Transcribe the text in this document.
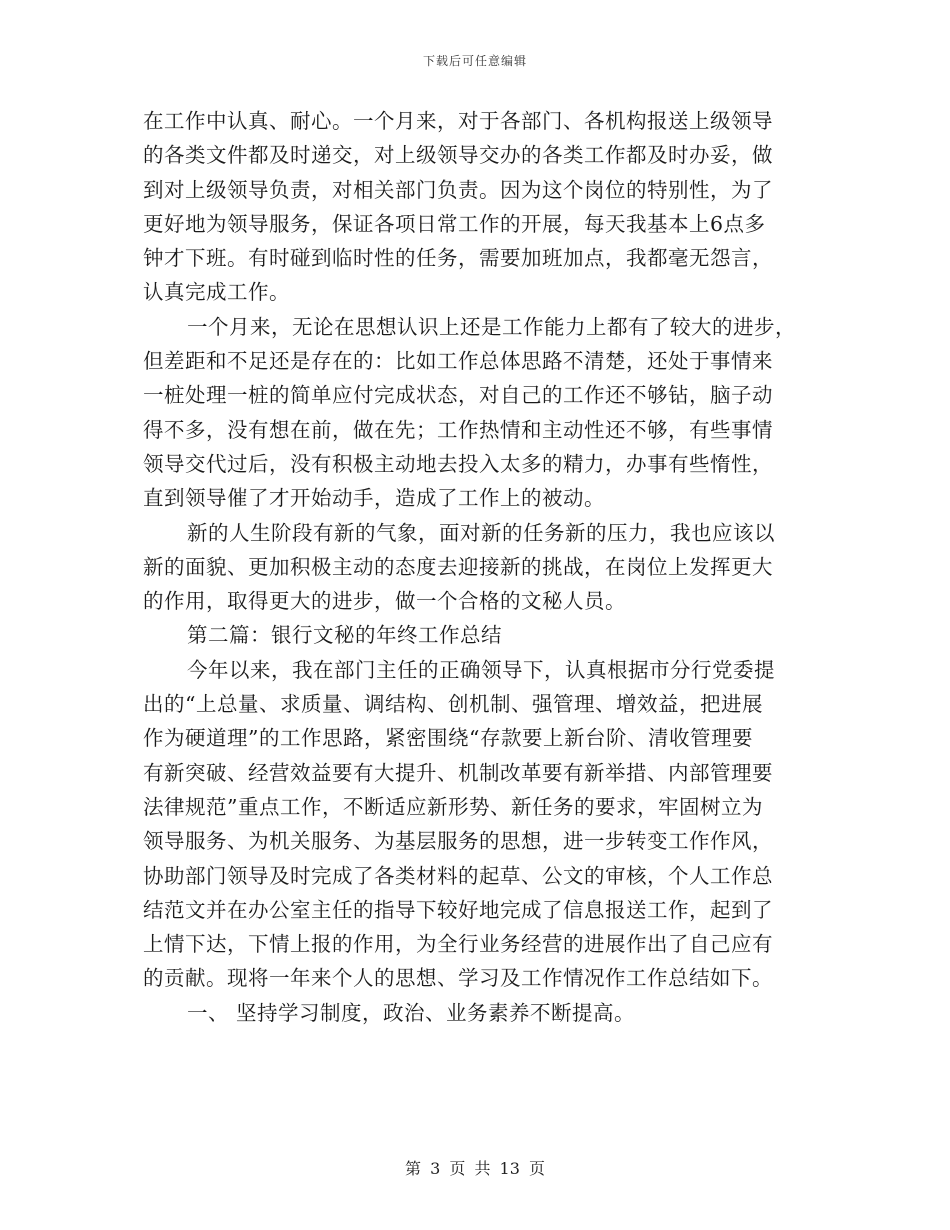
下载后可任意编辑
在工作中认真、耐心。一个月来，对于各部门、各机构报送上级领导
的各类文件都及时递交，对上级领导交办的各类工作都及时办妥，做
到对上级领导负责，对相关部门负责。因为这个岗位的特别性，为了
更好地为领导服务，保证各项日常工作的开展，每天我基本上6点多
钟才下班。有时碰到临时性的任务，需要加班加点，我都毫无怨言，
认真完成工作。
一个月来，无论在思想认识上还是工作能力上都有了较大的进步，
但差距和不足还是存在的：比如工作总体思路不清楚，还处于事情来
一桩处理一桩的简单应付完成状态，对自己的工作还不够钻，脑子动
得不多，没有想在前，做在先；工作热情和主动性还不够，有些事情
领导交代过后，没有积极主动地去投入太多的精力，办事有些惰性，
直到领导催了才开始动手，造成了工作上的被动。
新的人生阶段有新的气象，面对新的任务新的压力，我也应该以
新的面貌、更加积极主动的态度去迎接新的挑战，在岗位上发挥更大
的作用，取得更大的进步，做一个合格的文秘人员。
第二篇：银行文秘的年终工作总结
今年以来，我在部门主任的正确领导下，认真根据市分行党委提
出的“上总量、求质量、调结构、创机制、强管理、增效益，把进展
作为硬道理”的工作思路，紧密围绕“存款要上新台阶、清收管理要
有新突破、经营效益要有大提升、机制改革要有新举措、内部管理要
法律规范”重点工作，不断适应新形势、新任务的要求，牢固树立为
领导服务、为机关服务、为基层服务的思想，进一步转变工作作风，
协助部门领导及时完成了各类材料的起草、公文的审核，个人工作总
结范文并在办公室主任的指导下较好地完成了信息报送工作，起到了
上情下达，下情上报的作用，为全行业务经营的进展作出了自己应有
的贡献。现将一年来个人的思想、学习及工作情况作工作总结如下。
一、 坚持学习制度，政治、业务素养不断提高。
第 3 页 共 13 页
